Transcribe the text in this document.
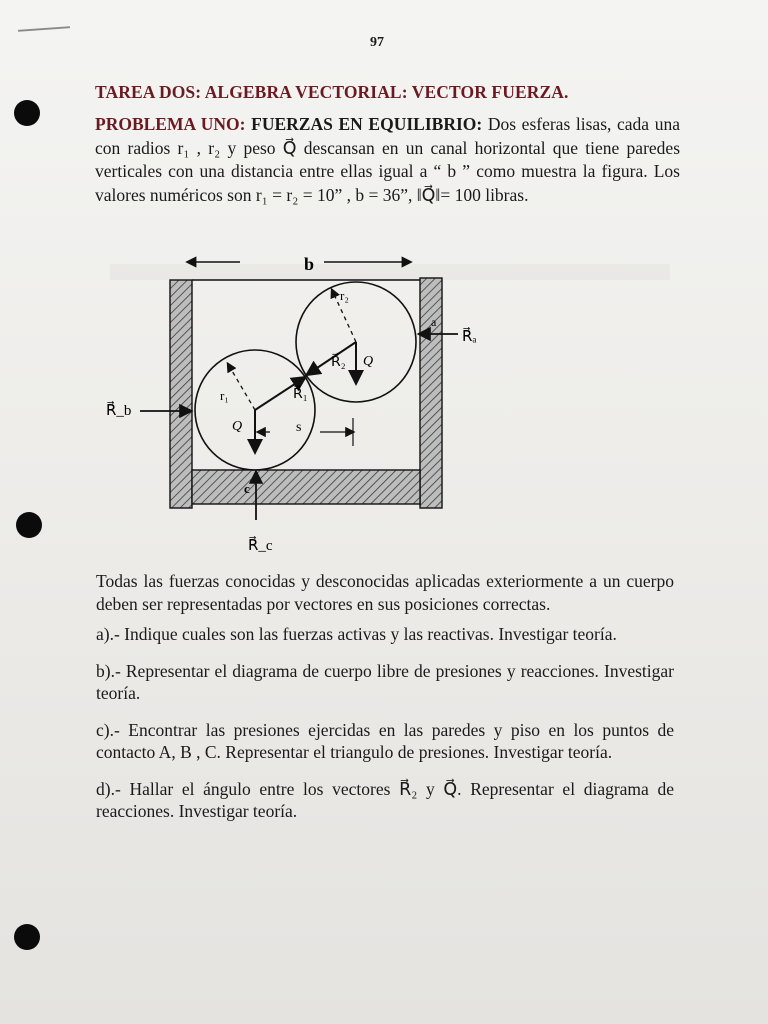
97
TAREA DOS: ALGEBRA VECTORIAL: VECTOR FUERZA.
PROBLEMA UNO: FUERZAS EN EQUILIBRIO: Dos esferas lisas, cada una con radios r₁ , r₂ y peso Q⃗ descansan en un canal horizontal que tiene paredes verticales con una distancia entre ellas igual a “ b ” como muestra la figura. Los valores numéricos son r₁ = r₂ = 10” , b = 36”, ‖Q⃗‖= 100 libras.
b
r₁
r₂
R⃗₁
R⃗₂
Q⃗
Q⃗
s
R⃗_b
R⃗ₐ
a
c
R⃗_c

Todas las fuerzas conocidas y desconocidas aplicadas exteriormente a un cuerpo deben ser representadas por vectores en sus posiciones correctas.

a).- Indique cuales son las fuerzas activas y las reactivas. Investigar teoría.

b).- Representar el diagrama de cuerpo libre de presiones y reacciones. Investigar teoría.

c).- Encontrar las presiones ejercidas en las paredes y piso en los puntos de contacto A, B , C. Representar el triangulo de presiones. Investigar teoría.

d).- Hallar el ángulo entre los vectores R⃗₂ y Q⃗. Representar el diagrama de reacciones. Investigar teoría.
